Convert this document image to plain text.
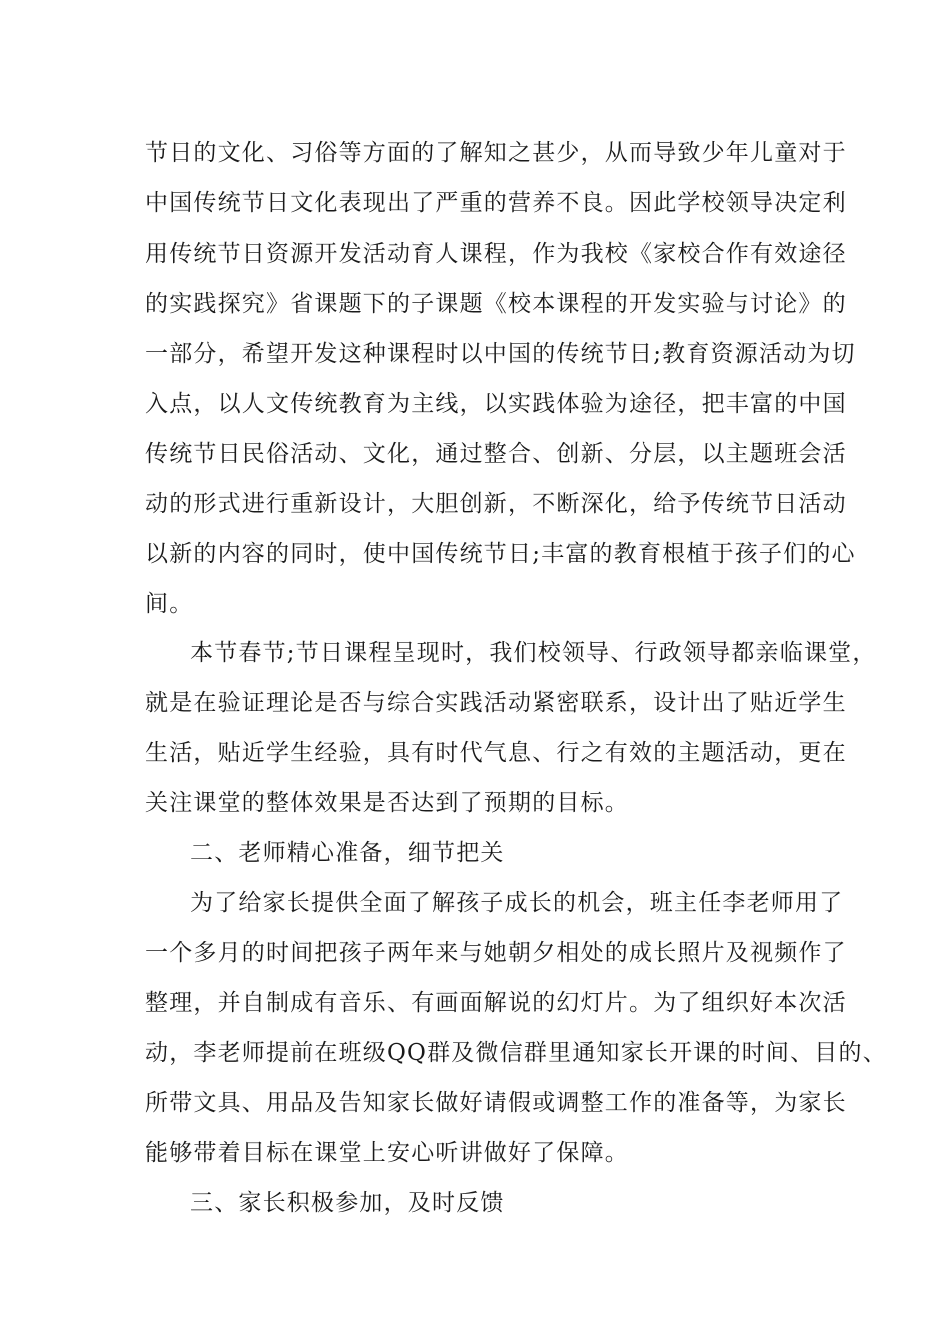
节日的文化、习俗等方面的了解知之甚少，从而导致少年儿童对于
中国传统节日文化表现出了严重的营养不良。因此学校领导决定利
用传统节日资源开发活动育人课程，作为我校《家校合作有效途径
的实践探究》省课题下的子课题《校本课程的开发实验与讨论》的
一部分，希望开发这种课程时以中国的传统节日;教育资源活动为切
入点，以人文传统教育为主线，以实践体验为途径，把丰富的中国
传统节日民俗活动、文化，通过整合、创新、分层，以主题班会活
动的形式进行重新设计，大胆创新，不断深化，给予传统节日活动
以新的内容的同时，使中国传统节日;丰富的教育根植于孩子们的心
间。
本节春节;节日课程呈现时，我们校领导、行政领导都亲临课堂，
就是在验证理论是否与综合实践活动紧密联系，设计出了贴近学生
生活，贴近学生经验，具有时代气息、行之有效的主题活动，更在
关注课堂的整体效果是否达到了预期的目标。
二、老师精心准备，细节把关
为了给家长提供全面了解孩子成长的机会，班主任李老师用了
一个多月的时间把孩子两年来与她朝夕相处的成长照片及视频作了
整理，并自制成有音乐、有画面解说的幻灯片。为了组织好本次活
动，李老师提前在班级QQ群及微信群里通知家长开课的时间、目的、
所带文具、用品及告知家长做好请假或调整工作的准备等，为家长
能够带着目标在课堂上安心听讲做好了保障。
三、家长积极参加，及时反馈
